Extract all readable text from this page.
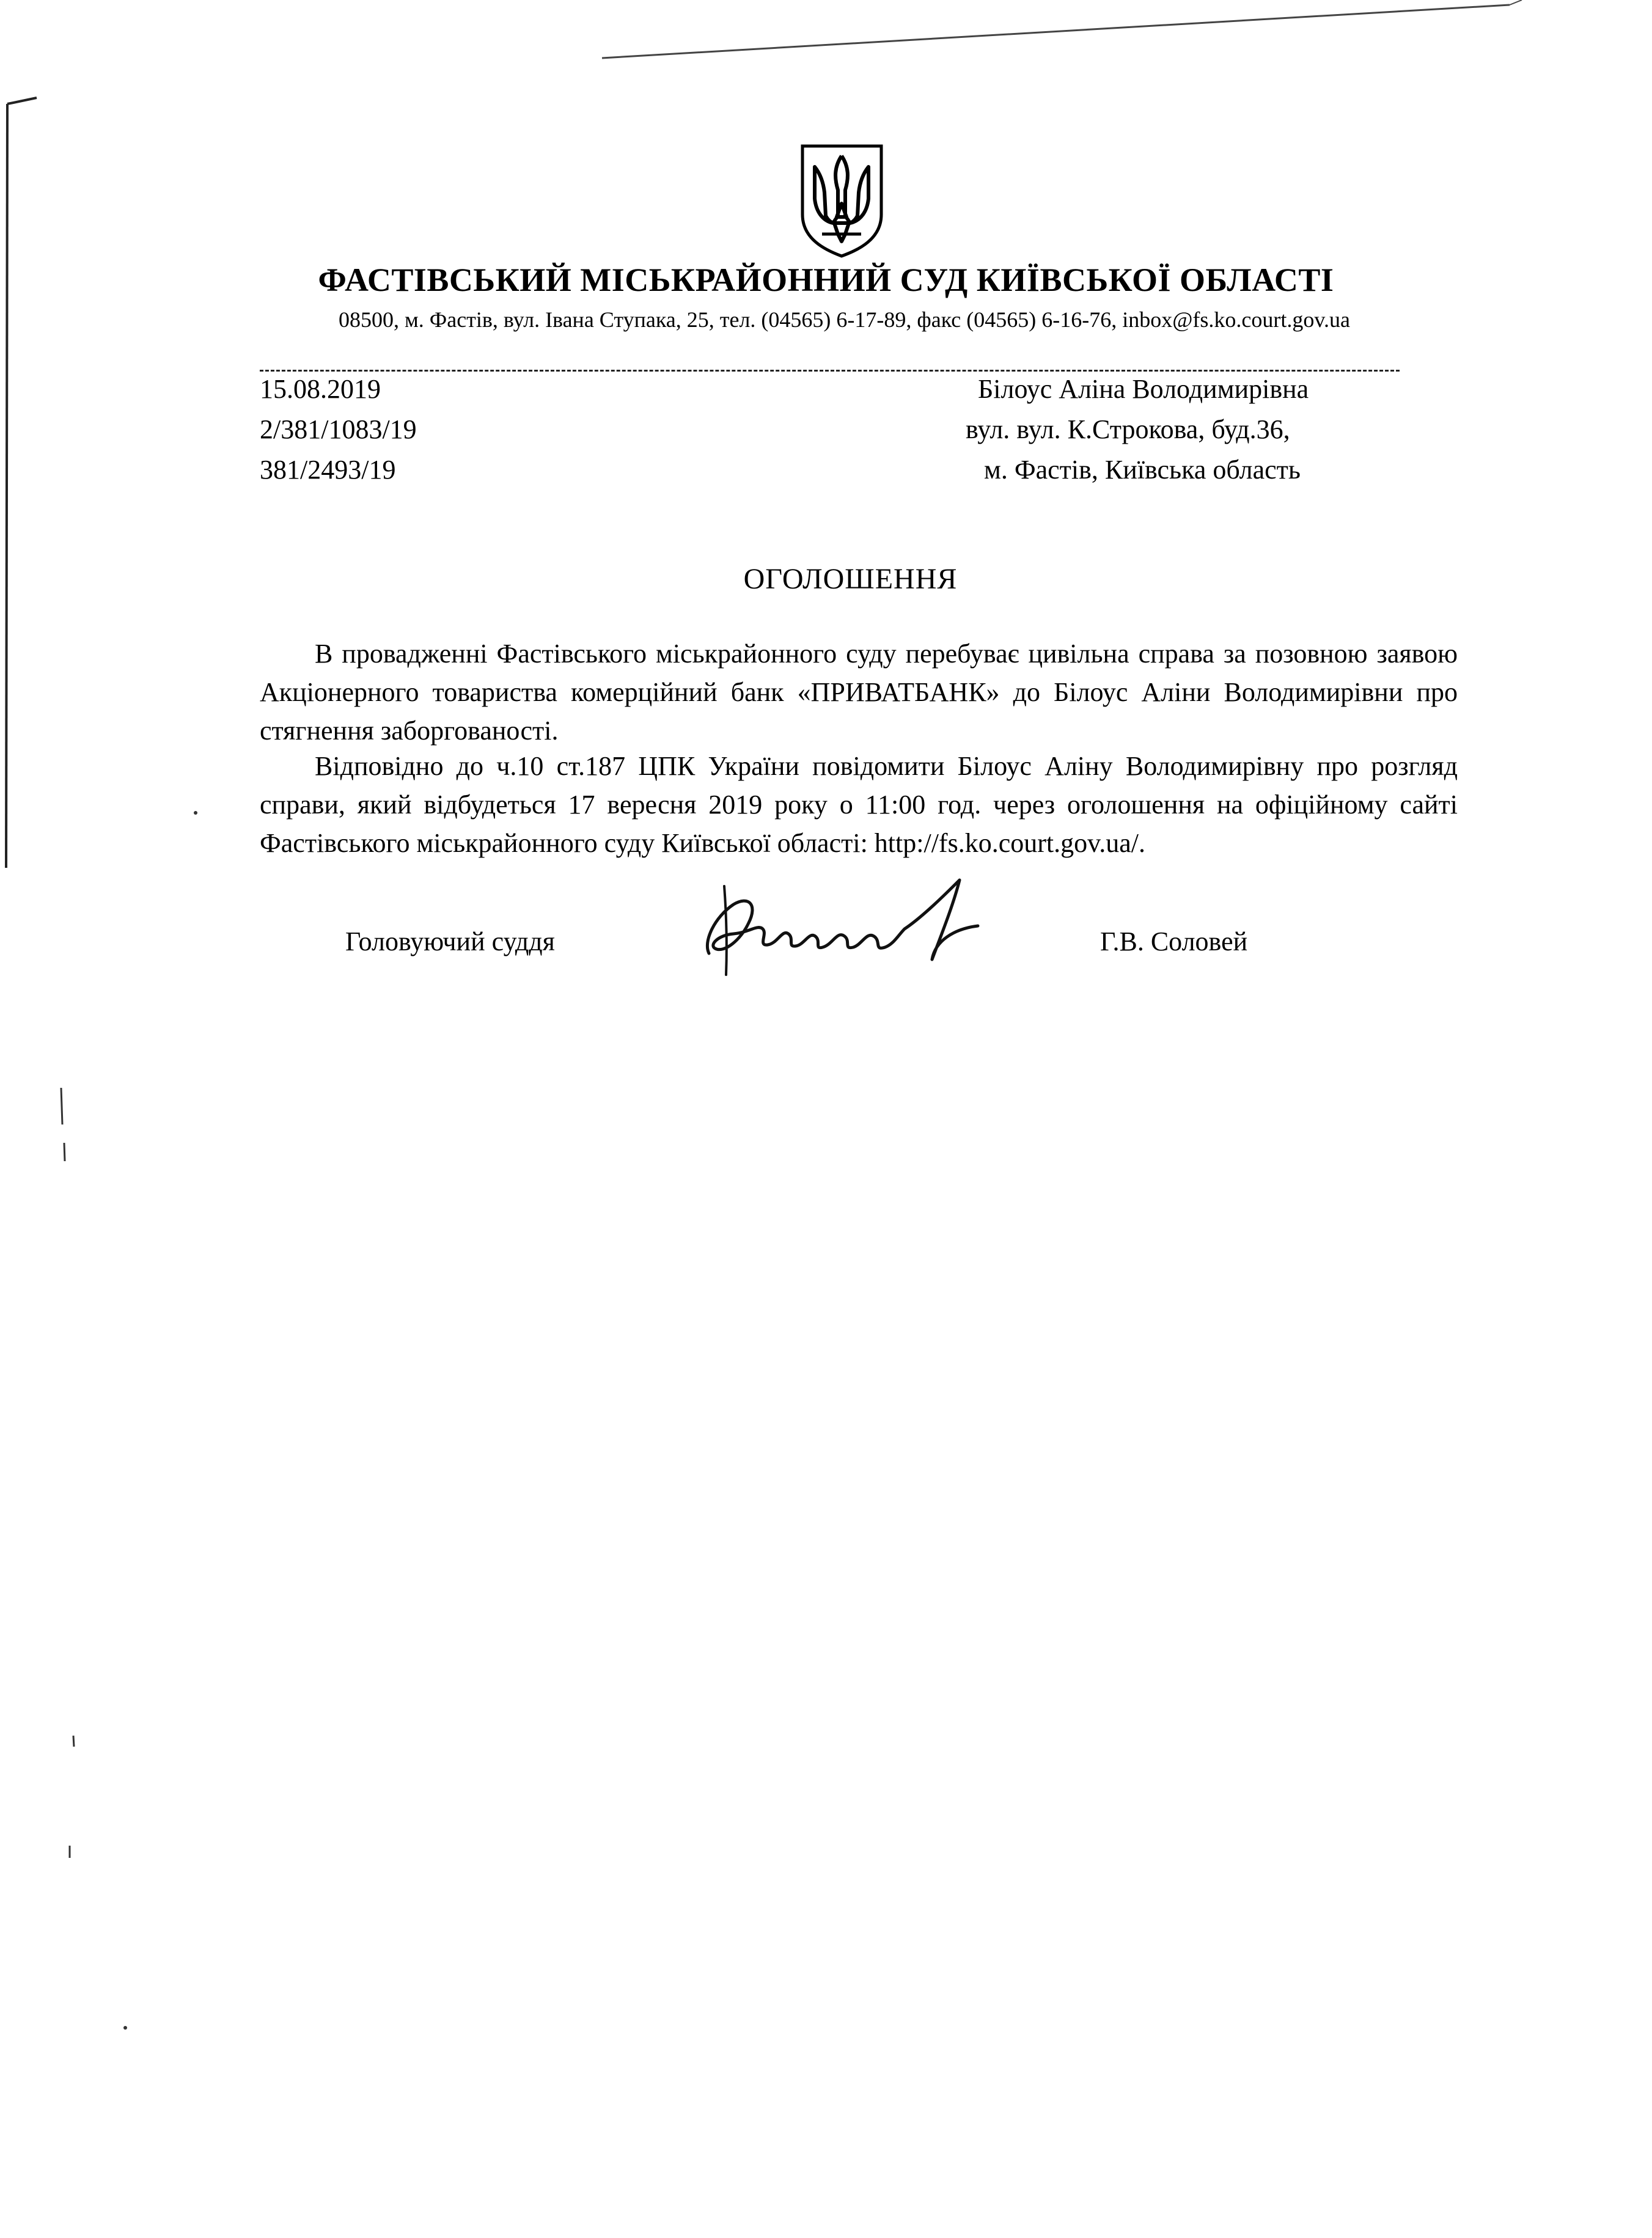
ФАСТІВСЬКИЙ МІСЬКРАЙОННИЙ СУД КИЇВСЬКОЇ ОБЛАСТІ
08500, м. Фастів, вул. Івана Ступака, 25, тел. (04565) 6-17-89, факс (04565) 6-16-76, inbox@fs.ko.court.gov.ua
15.08.2019
2/381/1083/19
381/2493/19
Білоус Аліна Володимирівна
вул. вул. К.Строкова, буд.36,
м. Фастів, Київська область
ОГОЛОШЕННЯ

В провадженні Фастівського міськрайонного суду перебуває цивільна справа за позовною заявою Акціонерного товариства комерційний банк «ПРИВАТБАНК» до Білоус Аліни Володимирівни про стягнення заборгованості.

Відповідно до ч.10 ст.187 ЦПК України повідомити Білоус Аліну Володимирівну про розгляд справи, який відбудеться 17 вересня 2019 року о 11:00 год. через оголошення на офіційному сайті Фастівського міськрайонного суду Київської області: http://fs.ko.court.gov.ua/.

Головуючий суддя	Г.В. Соловей
